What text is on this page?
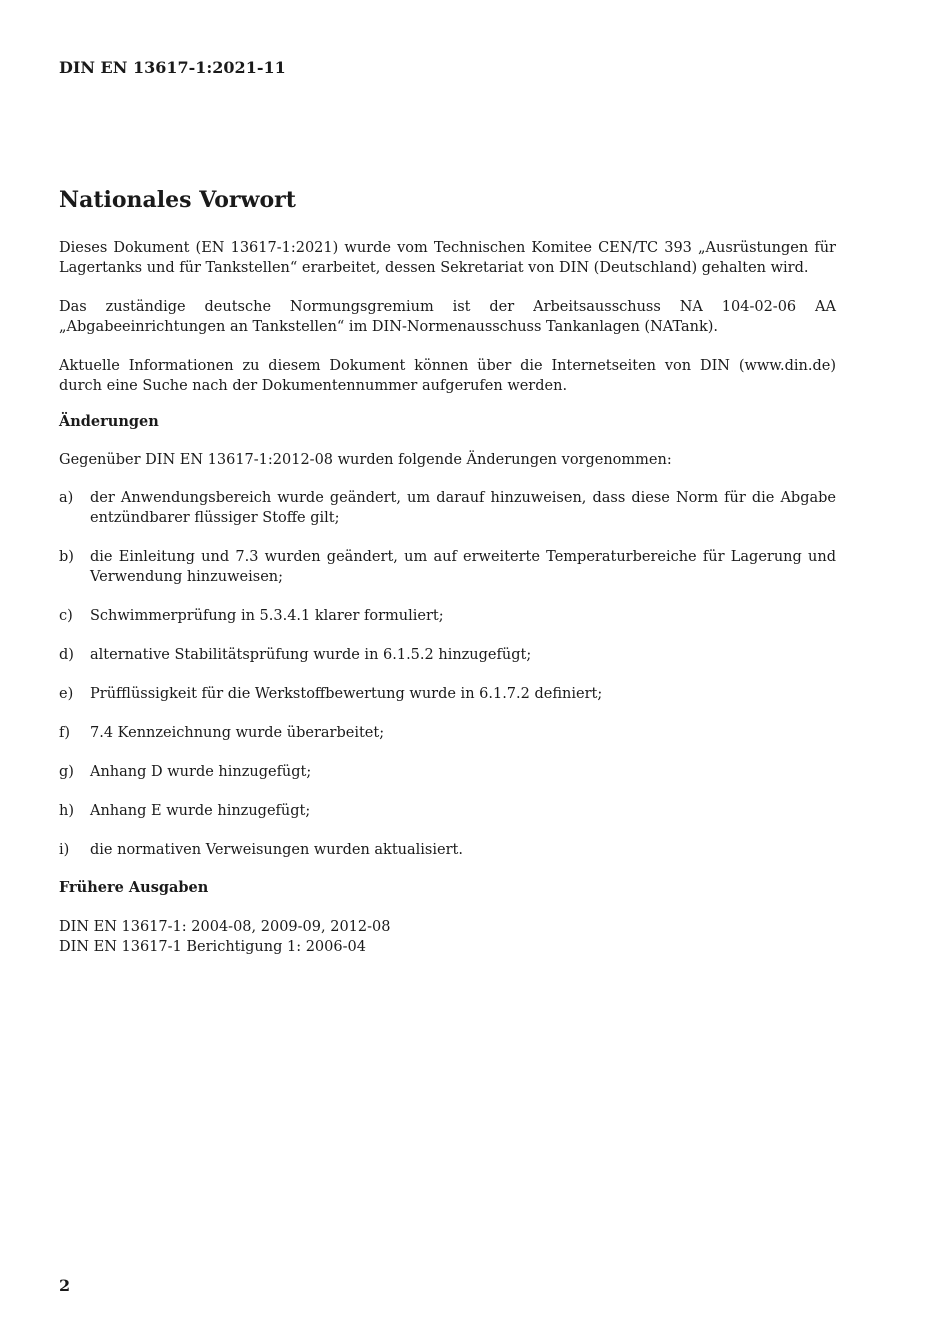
DIN EN 13617-1:2021-11
Nationales Vorwort

Dieses Dokument (EN 13617-1:2021) wurde vom Technischen Komitee CEN/TC 393 „Ausrüstungen für Lagertanks und für Tankstellen“ erarbeitet, dessen Sekretariat von DIN (Deutschland) gehalten wird.

Das zuständige deutsche Normungsgremium ist der Arbeitsausschuss NA 104-02-06 AA „Abgabeeinrichtungen an Tankstellen“ im DIN-Normenausschuss Tankanlagen (NATank).

Aktuelle Informationen zu diesem Dokument können über die Internetseiten von DIN (www.din.de) durch eine Suche nach der Dokumentennummer aufgerufen werden.

Änderungen

Gegenüber DIN EN 13617-1:2012-08 wurden folgende Änderungen vorgenommen:

a)	der Anwendungsbereich wurde geändert, um darauf hinzuweisen, dass diese Norm für die Abgabe entzündbarer flüssiger Stoffe gilt;
b)	die Einleitung und 7.3 wurden geändert, um auf erweiterte Temperaturbereiche für Lagerung und Verwendung hinzuweisen;
c)	Schwimmerprüfung in 5.3.4.1 klarer formuliert;
d)	alternative Stabilitätsprüfung wurde in 6.1.5.2 hinzugefügt;
e)	Prüfflüssigkeit für die Werkstoffbewertung wurde in 6.1.7.2 definiert;
f)	7.4 Kennzeichnung wurde überarbeitet;
g)	Anhang D wurde hinzugefügt;
h)	Anhang E wurde hinzugefügt;
i)	die normativen Verweisungen wurden aktualisiert.
Frühere Ausgaben

DIN EN 13617-1: 2004-08, 2009-09, 2012-08
DIN EN 13617-1 Berichtigung 1: 2006-04

2
